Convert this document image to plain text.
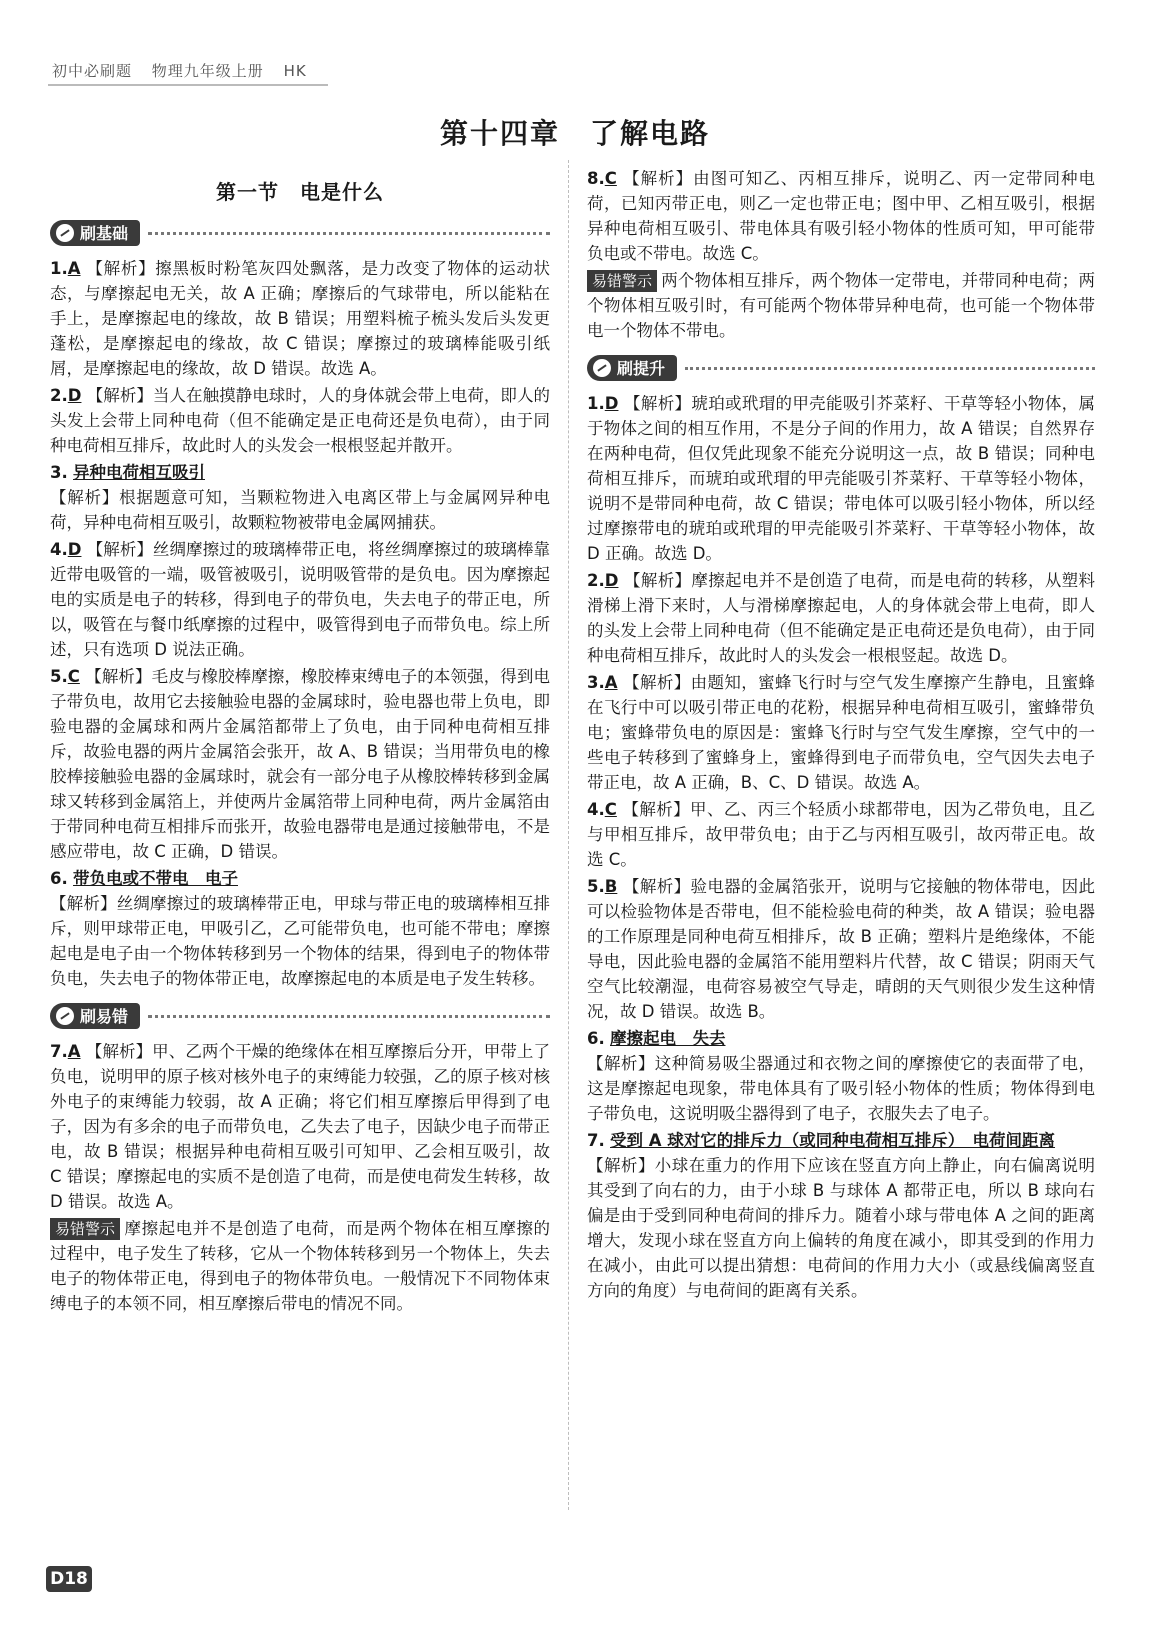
初中必刷题 物理九年级上册 HK
第十四章　了解电路
第一节　电是什么
刷基础
1.A 【解析】擦黑板时粉笔灰四处飘落，是力改变了物体的运动状态，与摩擦起电无关，故 A 正确；摩擦后的气球带电，所以能粘在手上，是摩擦起电的缘故，故 B 错误；用塑料梳子梳头发后头发更蓬松，是摩擦起电的缘故，故 C 错误；摩擦过的玻璃棒能吸引纸屑，是摩擦起电的缘故，故 D 错误。故选 A。
2.D 【解析】当人在触摸静电球时，人的身体就会带上电荷，即人的头发上会带上同种电荷（但不能确定是正电荷还是负电荷），由于同种电荷相互排斥，故此时人的头发会一根根竖起并散开。
3. 异种电荷相互吸引
【解析】根据题意可知，当颗粒物进入电离区带上与金属网异种电荷，异种电荷相互吸引，故颗粒物被带电金属网捕获。
4.D 【解析】丝绸摩擦过的玻璃棒带正电，将丝绸摩擦过的玻璃棒靠近带电吸管的一端，吸管被吸引，说明吸管带的是负电。因为摩擦起电的实质是电子的转移，得到电子的带负电，失去电子的带正电，所以，吸管在与餐巾纸摩擦的过程中，吸管得到电子而带负电。综上所述，只有选项 D 说法正确。
5.C 【解析】毛皮与橡胶棒摩擦，橡胶棒束缚电子的本领强，得到电子带负电，故用它去接触验电器的金属球时，验电器也带上负电，即验电器的金属球和两片金属箔都带上了负电，由于同种电荷相互排斥，故验电器的两片金属箔会张开，故 A、B 错误；当用带负电的橡胶棒接触验电器的金属球时，就会有一部分电子从橡胶棒转移到金属球又转移到金属箔上，并使两片金属箔带上同种电荷，两片金属箔由于带同种电荷互相排斥而张开，故验电器带电是通过接触带电，不是感应带电，故 C 正确，D 错误。
6. 带负电或不带电　电子
【解析】丝绸摩擦过的玻璃棒带正电，甲球与带正电的玻璃棒相互排斥，则甲球带正电，甲吸引乙，乙可能带负电，也可能不带电；摩擦起电是电子由一个物体转移到另一个物体的结果，得到电子的物体带负电，失去电子的物体带正电，故摩擦起电的本质是电子发生转移。
刷易错
7.A 【解析】甲、乙两个干燥的绝缘体在相互摩擦后分开，甲带上了负电，说明甲的原子核对核外电子的束缚能力较强，乙的原子核对核外电子的束缚能力较弱，故 A 正确；将它们相互摩擦后甲得到了电子，因为有多余的电子而带负电，乙失去了电子，因缺少电子而带正电，故 B 错误；根据异种电荷相互吸引可知甲、乙会相互吸引，故 C 错误；摩擦起电的实质不是创造了电荷，而是使电荷发生转移，故 D 错误。故选 A。
易错警示 摩擦起电并不是创造了电荷，而是两个物体在相互摩擦的过程中，电子发生了转移，它从一个物体转移到另一个物体上，失去电子的物体带正电，得到电子的物体带负电。一般情况下不同物体束缚电子的本领不同，相互摩擦后带电的情况不同。
8.C 【解析】由图可知乙、丙相互排斥，说明乙、丙一定带同种电荷，已知丙带正电，则乙一定也带正电；图中甲、乙相互吸引，根据异种电荷相互吸引、带电体具有吸引轻小物体的性质可知，甲可能带负电或不带电。故选 C。
易错警示 两个物体相互排斥，两个物体一定带电，并带同种电荷；两个物体相互吸引时，有可能两个物体带异种电荷，也可能一个物体带电一个物体不带电。
刷提升
1.D 【解析】琥珀或玳瑁的甲壳能吸引芥菜籽、干草等轻小物体，属于物体之间的相互作用，不是分子间的作用力，故 A 错误；自然界存在两种电荷，但仅凭此现象不能充分说明这一点，故 B 错误；同种电荷相互排斥，而琥珀或玳瑁的甲壳能吸引芥菜籽、干草等轻小物体，说明不是带同种电荷，故 C 错误；带电体可以吸引轻小物体，所以经过摩擦带电的琥珀或玳瑁的甲壳能吸引芥菜籽、干草等轻小物体，故 D 正确。故选 D。
2.D 【解析】摩擦起电并不是创造了电荷，而是电荷的转移，从塑料滑梯上滑下来时，人与滑梯摩擦起电，人的身体就会带上电荷，即人的头发上会带上同种电荷（但不能确定是正电荷还是负电荷），由于同种电荷相互排斥，故此时人的头发会一根根竖起。故选 D。
3.A 【解析】由题知，蜜蜂飞行时与空气发生摩擦产生静电，且蜜蜂在飞行中可以吸引带正电的花粉，根据异种电荷相互吸引，蜜蜂带负电；蜜蜂带负电的原因是：蜜蜂飞行时与空气发生摩擦，空气中的一些电子转移到了蜜蜂身上，蜜蜂得到电子而带负电，空气因失去电子带正电，故 A 正确，B、C、D 错误。故选 A。
4.C 【解析】甲、乙、丙三个轻质小球都带电，因为乙带负电，且乙与甲相互排斥，故甲带负电；由于乙与丙相互吸引，故丙带正电。故选 C。
5.B 【解析】验电器的金属箔张开，说明与它接触的物体带电，因此可以检验物体是否带电，但不能检验电荷的种类，故 A 错误；验电器的工作原理是同种电荷互相排斥，故 B 正确；塑料片是绝缘体，不能导电，因此验电器的金属箔不能用塑料片代替，故 C 错误；阴雨天气空气比较潮湿，电荷容易被空气导走，晴朗的天气则很少发生这种情况，故 D 错误。故选 B。
6. 摩擦起电　失去
【解析】这种简易吸尘器通过和衣物之间的摩擦使它的表面带了电，这是摩擦起电现象，带电体具有了吸引轻小物体的性质；物体得到电子带负电，这说明吸尘器得到了电子，衣服失去了电子。
7. 受到 A 球对它的排斥力（或同种电荷相互排斥）　电荷间距离
【解析】小球在重力的作用下应该在竖直方向上静止，向右偏离说明其受到了向右的力，由于小球 B 与球体 A 都带正电，所以 B 球向右偏是由于受到同种电荷间的排斥力。随着小球与带电体 A 之间的距离增大，发现小球在竖直方向上偏转的角度在减小，即其受到的作用力在减小，由此可以提出猜想：电荷间的作用力大小（或悬线偏离竖直方向的角度）与电荷间的距离有关系。
D18
